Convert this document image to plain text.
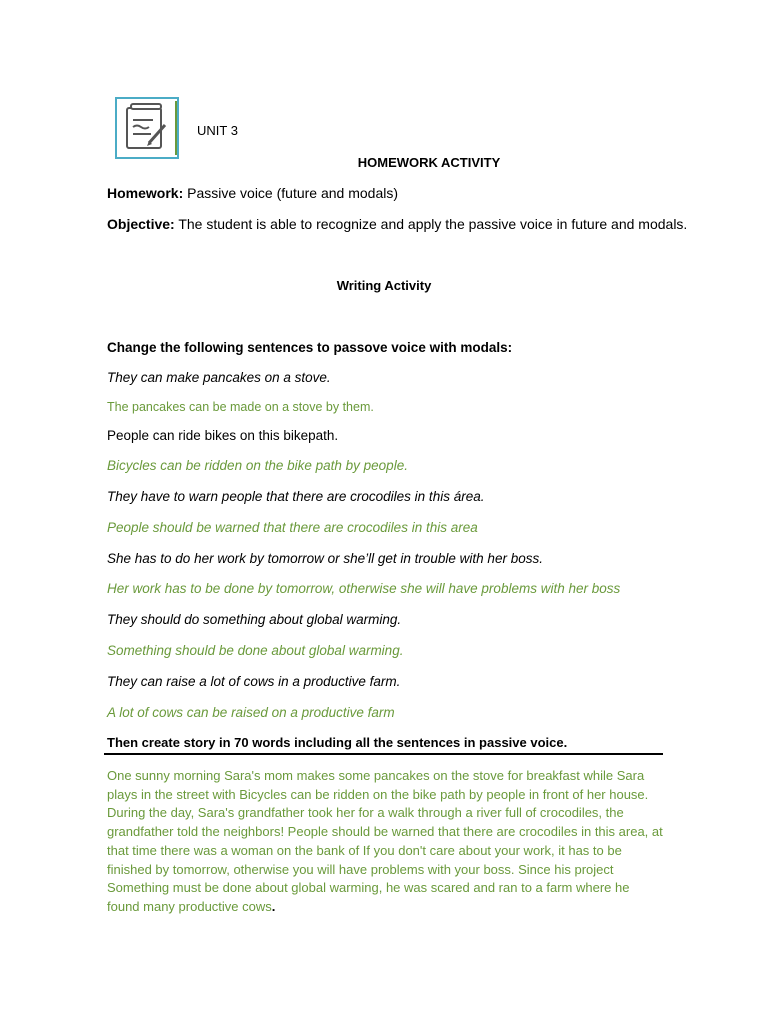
UNIT 3
HOMEWORK ACTIVITY
Homework: Passive voice (future and modals)
Objective: The student is able to recognize and apply the passive voice in future and modals.
Writing Activity
Change the following sentences to passove voice with modals:
They can make pancakes on a stove.
The pancakes can be made on a stove by them.
People can ride bikes on this bikepath.
Bicycles can be ridden on the bike path by people.
They have to warn people that there are crocodiles in this área.
People should be warned that there are crocodiles in this area
She has to do her work by tomorrow or she’ll get in trouble with her boss.
Her work has to be done by tomorrow, otherwise she will have problems with her boss
They should do something about global warming.
Something should be done about global warming.
They can raise a lot of cows in a productive farm.
A lot of cows can be raised on a productive farm
Then create story in 70 words including all the sentences in passive voice.
One sunny morning Sara's mom makes some pancakes on the stove for breakfast while Sara plays in the street with Bicycles can be ridden on the bike path by people in front of her house. During the day, Sara's grandfather took her for a walk through a river full of crocodiles, the grandfather told the neighbors! People should be warned that there are crocodiles in this area, at that time there was a woman on the bank of If you don't care about your work, it has to be finished by tomorrow, otherwise you will have problems with your boss. Since his project Something must be done about global warming, he was scared and ran to a farm where he found many productive cows.
